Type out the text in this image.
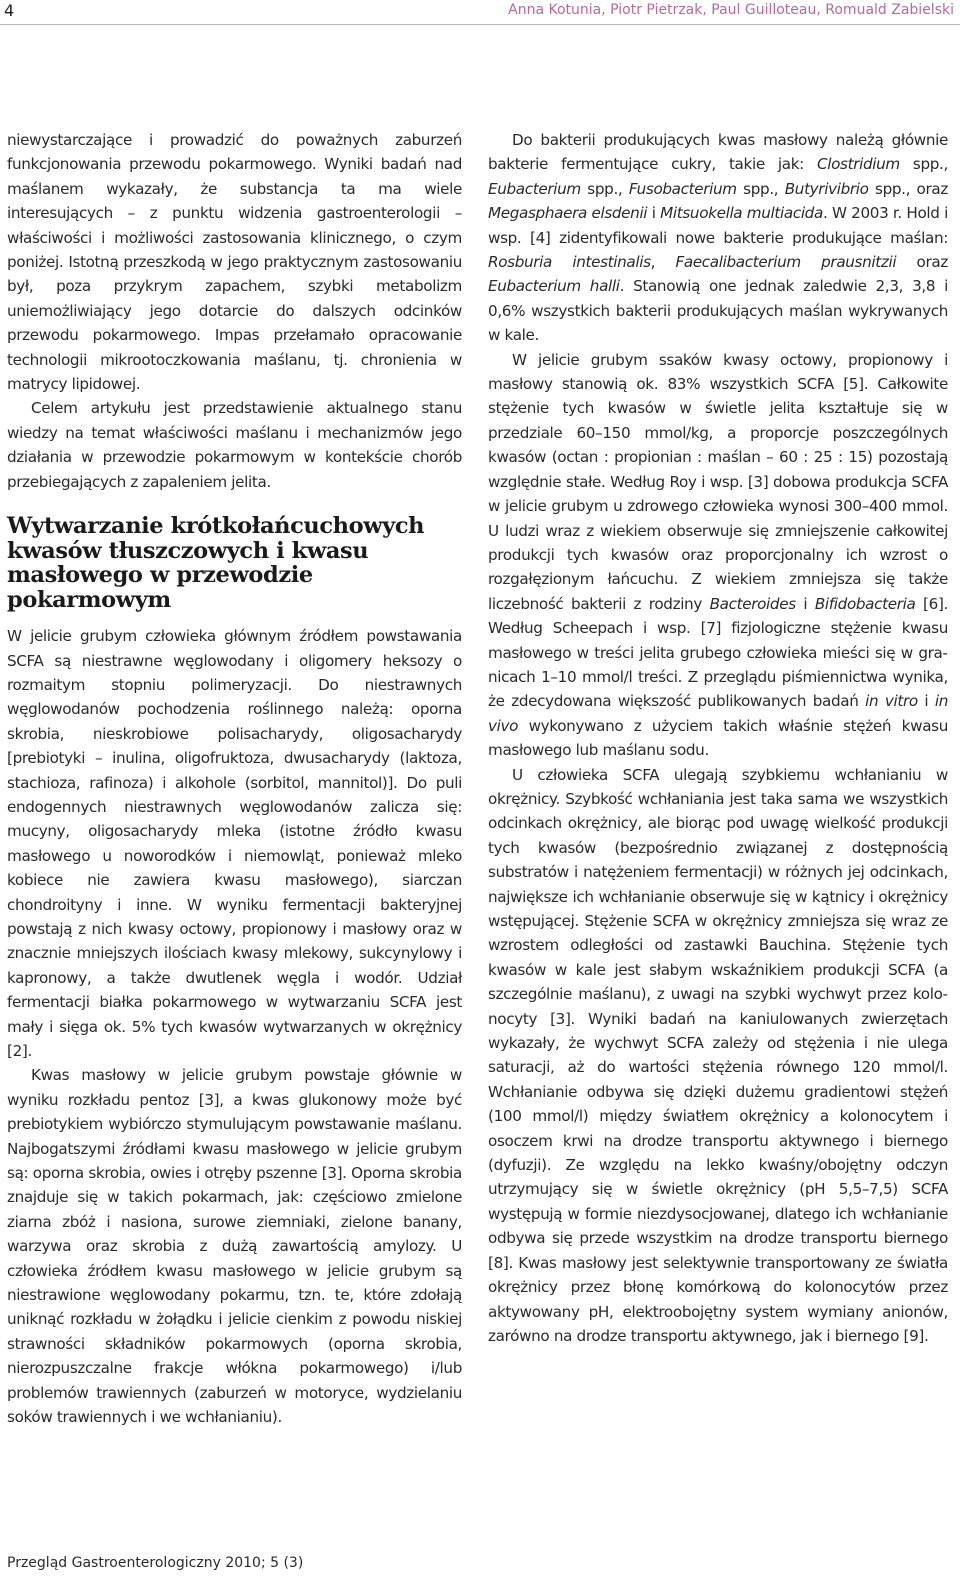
4	Anna Kotunia, Piotr Pietrzak, Paul Guilloteau, Romuald Zabielski

niewystarczające i prowadzić do poważnych zaburzeń funkcjonowania przewodu pokarmowego. Wyniki badań nad maślanem wykazały, że substancja ta ma wiele interesujących – z punktu widzenia gastroenterologii – właściwości i możliwości zastosowania klinicznego, o czym poniżej. Istotną przeszkodą w jego praktycznym zastosowaniu był, poza przykrym zapachem, szybki metabolizm uniemożliwiający jego dotarcie do dalszych odcinków przewodu pokarmowego. Impas przełamało opracowanie technologii mikrootoczkowania maślanu, tj. chronienia w matrycy lipidowej.

Celem artykułu jest przedstawienie aktualnego stanu wiedzy na temat właściwości maślanu i mechanizmów jego działania w przewodzie pokarmowym w kontekście chorób przebiegających z zapaleniem jelita.

Wytwarzanie krótkołańcuchowych kwasów tłuszczowych i kwasu masłowego w przewodzie pokarmowym

W jelicie grubym człowieka głównym źródłem powstawania SCFA są niestrawne węglowodany i oligomery heksozy o rozmaitym stopniu polimeryzacji. Do niestrawnych węglowodanów pochodzenia roślinnego należą: oporna skrobia, nieskrobiowe polisacharydy, oligosacharydy [prebiotyki – inulina, oligofruktoza, dwusacharydy (laktoza, stachioza, rafinoza) i alkohole (sorbitol, mannitol)]. Do puli endogennych niestrawnych węglowodanów zalicza się: mucyny, oligosacharydy mleka (istotne źródło kwasu masłowego u noworodków i niemowląt, ponieważ mleko kobiece nie zawiera kwasu masłowego), siarczan chondroityny i inne. W wyniku fermentacji bakteryjnej powstają z nich kwasy octowy, propionowy i masłowy oraz w znacznie mniejszych ilościach kwasy mlekowy, sukcynylowy i kapronowy, a także dwutlenek węgla i wodór. Udział fermentacji białka pokarmowego w wytwarzaniu SCFA jest mały i sięga ok. 5% tych kwasów wytwarzanych w okrężnicy [2].

Kwas masłowy w jelicie grubym powstaje głównie w wyniku rozkładu pentoz [3], a kwas glukonowy może być prebiotykiem wybiórczo stymulującym powstawanie maślanu. Najbogatszymi źródłami kwasu masłowego w jelicie grubym są: oporna skrobia, owies i otręby pszenne [3]. Oporna skrobia znajduje się w takich pokarmach, jak: częściowo zmielone ziarna zbóż i nasiona, surowe ziemniaki, zielone banany, warzywa oraz skrobia z dużą zawartością amylozy. U człowieka źródłem kwasu masłowego w jelicie grubym są niestrawione węglowodany pokarmu, tzn. te, które zdołają uniknąć rozkładu w żołądku i jelicie cienkim z powodu niskiej strawności składników pokarmowych (oporna skrobia, nierozpuszczalne frakcje włókna pokarmowego) i/lub problemów trawiennych (zaburzeń w motoryce, wydzielaniu soków trawiennych i we wchłanianiu).

Do bakterii produkujących kwas masłowy należą głównie bakterie fermentujące cukry, takie jak: Clostridium spp., Eubacterium spp., Fusobacterium spp., Butyrivibrio spp., oraz Megasphaera elsdenii i Mitsuokella multiacida. W 2003 r. Hold i wsp. [4] zidentyfikowali nowe bakterie produkujące maślan: Rosburia intestinalis, Faecalibacterium prausnitzii oraz Eubacterium halli. Stanowią one jednak zaledwie 2,3, 3,8 i 0,6% wszystkich bakterii produkujących maślan wykrywanych w kale.

W jelicie grubym ssaków kwasy octowy, propionowy i masłowy stanowią ok. 83% wszystkich SCFA [5]. Całkowite stężenie tych kwasów w świetle jelita kształtuje się w przedziale 60–150 mmol/kg, a proporcje poszczególnych kwasów (octan : propionian : maślan – 60 : 25 : 15) pozostają względnie stałe. Według Roy i wsp. [3] dobowa produkcja SCFA w jelicie grubym u zdrowego człowieka wynosi 300–400 mmol. U ludzi wraz z wiekiem obserwuje się zmniejszenie całkowitej produkcji tych kwasów oraz proporcjonalny ich wzrost o rozgałęzionym łańcuchu. Z wiekiem zmniejsza się także liczebność bakterii z rodziny Bacteroides i Bifidobacteria [6]. Według Scheepach i wsp. [7] fizjologiczne stężenie kwasu masłowego w treści jelita grubego człowieka mieści się w granicach 1–10 mmol/l treści. Z przeglądu piśmiennictwa wynika, że zdecydowana większość publikowanych badań in vitro i in vivo wykonywano z użyciem takich właśnie stężeń kwasu masłowego lub maślanu sodu.

U człowieka SCFA ulegają szybkiemu wchłanianiu w okrężnicy. Szybkość wchłaniania jest taka sama we wszystkich odcinkach okrężnicy, ale biorąc pod uwagę wielkość produkcji tych kwasów (bezpośrednio związanej z dostępnością substratów i natężeniem fermentacji) w różnych jej odcinkach, największe ich wchłanianie obserwuje się w kątnicy i okrężnicy wstępującej. Stężenie SCFA w okrężnicy zmniejsza się wraz ze wzrostem odległości od zastawki Bauchina. Stężenie tych kwasów w kale jest słabym wskaźnikiem produkcji SCFA (a szczególnie maślanu), z uwagi na szybki wychwyt przez kolonocyty [3]. Wyniki badań na kaniulowanych zwierzętach wykazały, że wychwyt SCFA zależy od stężenia i nie ulega saturacji, aż do wartości stężenia równego 120 mmol/l. Wchłanianie odbywa się dzięki dużemu gradientowi stężeń (100 mmol/l) między światłem okrężnicy a kolonocytem i osoczem krwi na drodze transportu aktywnego i biernego (dyfuzji). Ze względu na lekko kwaśny/obojętny odczyn utrzymujący się w świetle okrężnicy (pH 5,5–7,5) SCFA występują w formie niezdysocjowanej, dlatego ich wchłanianie odbywa się przede wszystkim na drodze transportu biernego [8]. Kwas masłowy jest selektywnie transportowany ze światła okrężnicy przez błonę komórkową do kolonocytów przez aktywowany pH, elektroobojętny system wymiany anionów, zarówno na drodze transportu aktywnego, jak i biernego [9].

Przegląd Gastroenterologiczny 2010; 5 (3)
